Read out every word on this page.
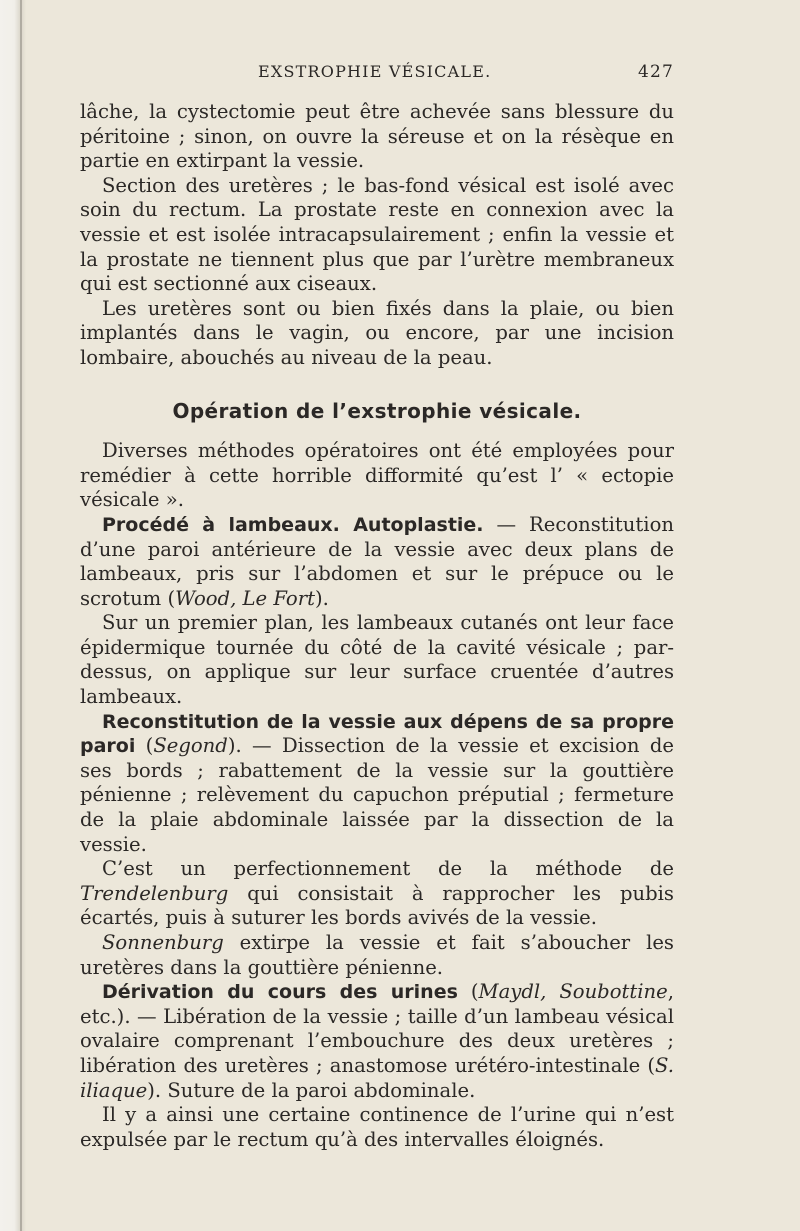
EXSTROPHIE VÉSICALE.	427

lâche, la cystectomie peut être achevée sans blessure du péritoine ; sinon, on ouvre la séreuse et on la résèque en partie en extirpant la vessie.

Section des uretères ; le bas-fond vésical est isolé avec soin du rectum. La prostate reste en connexion avec la vessie et est isolée intracapsulairement ; enfin la vessie et la prostate ne tiennent plus que par l’urètre membraneux qui est sectionné aux ciseaux.

Les uretères sont ou bien fixés dans la plaie, ou bien implantés dans le vagin, ou encore, par une incision lombaire, abouchés au niveau de la peau.

Opération de l’exstrophie vésicale.

Diverses méthodes opératoires ont été employées pour remédier à cette horrible difformité qu’est l’ « ectopie vésicale ».

Procédé à lambeaux. Autoplastie. — Reconstitution d’une paroi antérieure de la vessie avec deux plans de lambeaux, pris sur l’abdomen et sur le prépuce ou le scrotum (Wood, Le Fort).

Sur un premier plan, les lambeaux cutanés ont leur face épidermique tournée du côté de la cavité vésicale ; par-dessus, on applique sur leur surface cruentée d’autres lambeaux.

Reconstitution de la vessie aux dépens de sa propre paroi (Segond). — Dissection de la vessie et excision de ses bords ; rabattement de la vessie sur la gouttière pénienne ; relèvement du capuchon préputial ; fermeture de la plaie abdominale laissée par la dissection de la vessie.

C’est un perfectionnement de la méthode de Trendelenburg qui consistait à rapprocher les pubis écartés, puis à suturer les bords avivés de la vessie.

Sonnenburg extirpe la vessie et fait s’aboucher les uretères dans la gouttière pénienne.

Dérivation du cours des urines (Maydl, Soubottine, etc.). — Libération de la vessie ; taille d’un lambeau vésical ovalaire comprenant l’embouchure des deux uretères ; libération des uretères ; anastomose urétéro-intestinale (S. iliaque). Suture de la paroi abdominale.

Il y a ainsi une certaine continence de l’urine qui n’est expulsée par le rectum qu’à des intervalles éloignés.
